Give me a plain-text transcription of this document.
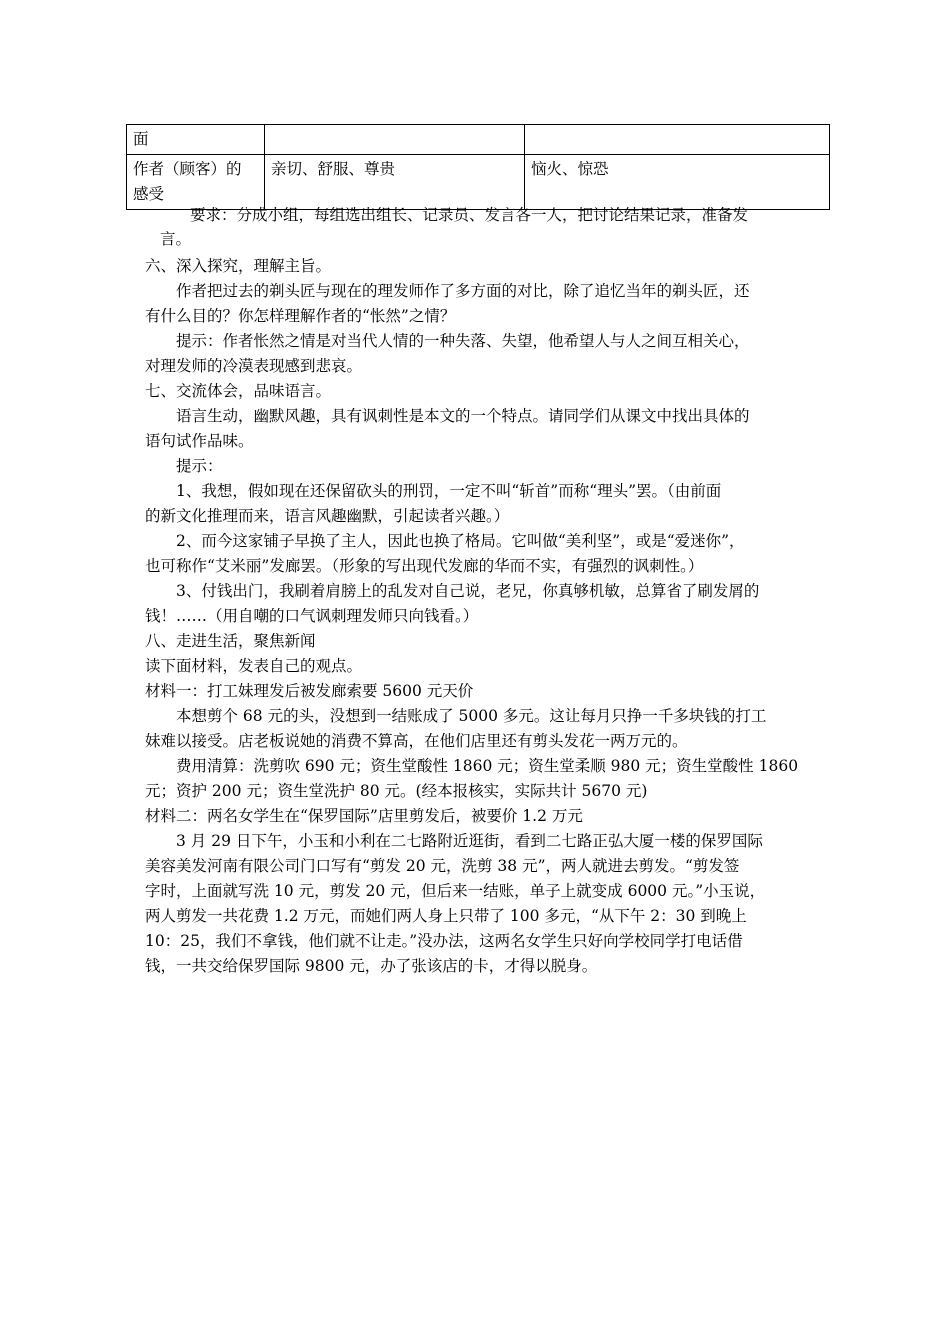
面		

作者（顾客）的
感受	亲切、舒服、尊贵	恼火、惊恐
要求：分成小组，每组选出组长、记录员、发言各一人，把讨论结果记录，准备发
言。
六、深入探究，理解主旨。
作者把过去的剃头匠与现在的理发师作了多方面的对比，除了追忆当年的剃头匠，还
有什么目的？你怎样理解作者的“怅然”之情？
提示：作者怅然之情是对当代人情的一种失落、失望，他希望人与人之间互相关心，
对理发师的冷漠表现感到悲哀。
七、交流体会，品味语言。
语言生动，幽默风趣，具有讽刺性是本文的一个特点。请同学们从课文中找出具体的
语句试作品味。
提示：
1、我想，假如现在还保留砍头的刑罚，一定不叫“斩首”而称“理头”罢。（由前面
的新文化推理而来，语言风趣幽默，引起读者兴趣。）
2、而今这家铺子早换了主人，因此也换了格局。它叫做“美利坚”，或是“爱迷你”，
也可称作“艾米丽”发廊罢。（形象的写出现代发廊的华而不实，有强烈的讽刺性。）
3、付钱出门，我刷着肩膀上的乱发对自己说，老兄，你真够机敏，总算省了刷发屑的
钱！……（用自嘲的口气讽刺理发师只向钱看。）
八、走进生活，聚焦新闻
读下面材料，发表自己的观点。
材料一：打工妹理发后被发廊索要 5600 元天价
本想剪个 68 元的头，没想到一结账成了 5000 多元。这让每月只挣一千多块钱的打工
妹难以接受。店老板说她的消费不算高，在他们店里还有剪头发花一两万元的。
费用清算：洗剪吹 690 元；资生堂酸性 1860 元；资生堂柔顺 980 元；资生堂酸性 1860
元；资护 200 元；资生堂洗护 80 元。(经本报核实，实际共计 5670 元)
材料二：两名女学生在“保罗国际”店里剪发后，被要价 1.2 万元
3 月 29 日下午，小玉和小利在二七路附近逛街，看到二七路正弘大厦一楼的保罗国际
美容美发河南有限公司门口写有“剪发 20 元，洗剪 38 元”，两人就进去剪发。“剪发签
字时，上面就写洗 10 元，剪发 20 元，但后来一结账，单子上就变成 6000 元。”小玉说，
两人剪发一共花费 1.2 万元，而她们两人身上只带了 100 多元，“从下午 2：30 到晚上
10：25，我们不拿钱，他们就不让走。”没办法，这两名女学生只好向学校同学打电话借
钱，一共交给保罗国际 9800 元，办了张该店的卡，才得以脱身。
